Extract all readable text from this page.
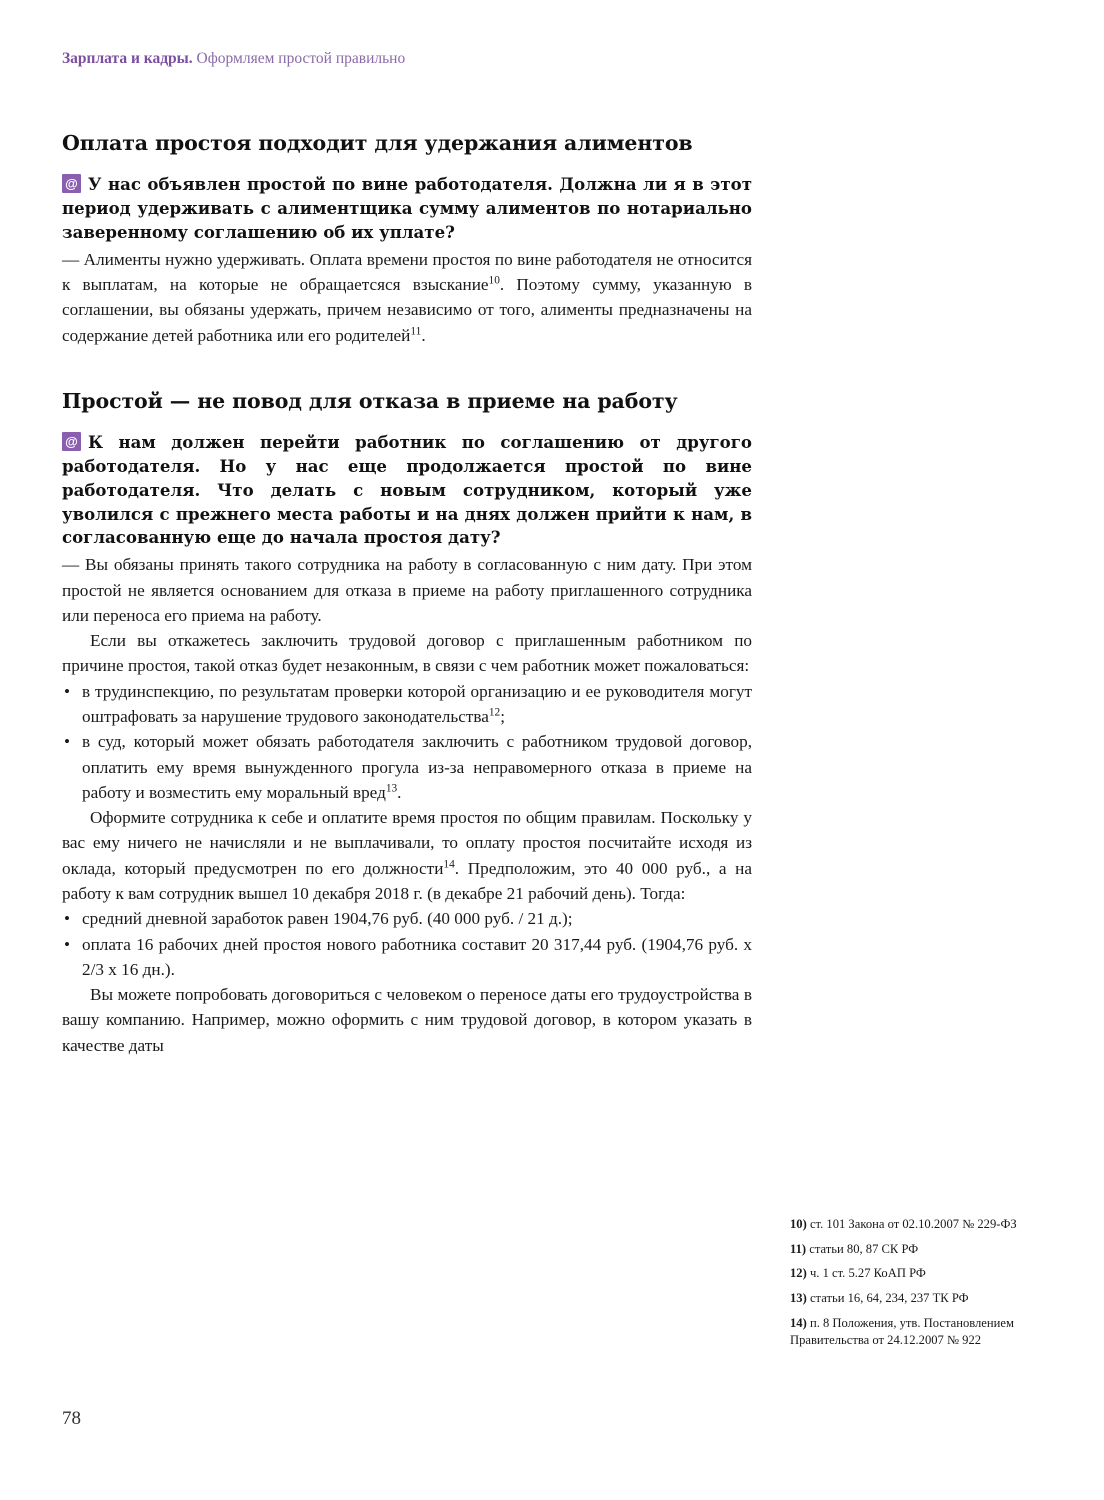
Зарплата и кадры. Оформляем простой правильно
Оплата простоя подходит для удержания алиментов

@ У нас объявлен простой по вине работодателя. Должна ли я в этот период удерживать с алиментщика сумму алиментов по нотариально заверенному соглашению об их уплате?

— Алименты нужно удерживать. Оплата времени простоя по вине работодателя не относится к выплатам, на которые не обращаетсяся взыскание$^{10}$. Поэтому сумму, указанную в соглашении, вы обязаны удержать, причем независимо от того, алименты предназначены на содержание детей работника или его родителей$^{11}$.

Простой — не повод для отказа в приеме на работу

@ К нам должен перейти работник по соглашению от другого работодателя. Но у нас еще продолжается простой по вине работодателя. Что делать с новым сотрудником, который уже уволился с прежнего места работы и на днях должен прийти к нам, в согласованную еще до начала простоя дату?

— Вы обязаны принять такого сотрудника на работу в согласованную с ним дату. При этом простой не является основанием для отказа в приеме на работу приглашенного сотрудника или переноса его приема на работу.

Если вы откажетесь заключить трудовой договор с приглашенным работником по причине простоя, такой отказ будет незаконным, в связи с чем работник может пожаловаться:

• в трудинспекцию, по результатам проверки которой организацию и ее руководителя могут оштрафовать за нарушение трудового законодательства$^{12}$;
• в суд, который может обязать работодателя заключить с работником трудовой договор, оплатить ему время вынужденного прогула из-за неправомерного отказа в приеме на работу и возместить ему моральный вред$^{13}$.

Оформите сотрудника к себе и оплатите время простоя по общим правилам. Поскольку у вас ему ничего не начисляли и не выплачивали, то оплату простоя посчитайте исходя из оклада, который предусмотрен по его должности$^{14}$. Предположим, это 40 000 руб., а на работу к вам сотрудник вышел 10 декабря 2018 г. (в декабре 21 рабочий день). Тогда:

• средний дневной заработок равен 1904,76 руб. (40 000 руб. / 21 д.);
• оплата 16 рабочих дней простоя нового работника составит 20 317,44 руб. (1904,76 руб. x 2/3 x 16 дн.).

Вы можете попробовать договориться с человеком о переносе даты его трудоустройства в вашу компанию. Например, можно оформить с ним трудовой договор, в котором указать в качестве даты

10) ст. 101 Закона от 02.10.2007 № 229-ФЗ
11) статьи 80, 87 СК РФ
12) ч. 1 ст. 5.27 КоАП РФ
13) статьи 16, 64, 234, 237 ТК РФ
14) п. 8 Положения, утв. Постановлением Правительства от 24.12.2007 № 922
78
